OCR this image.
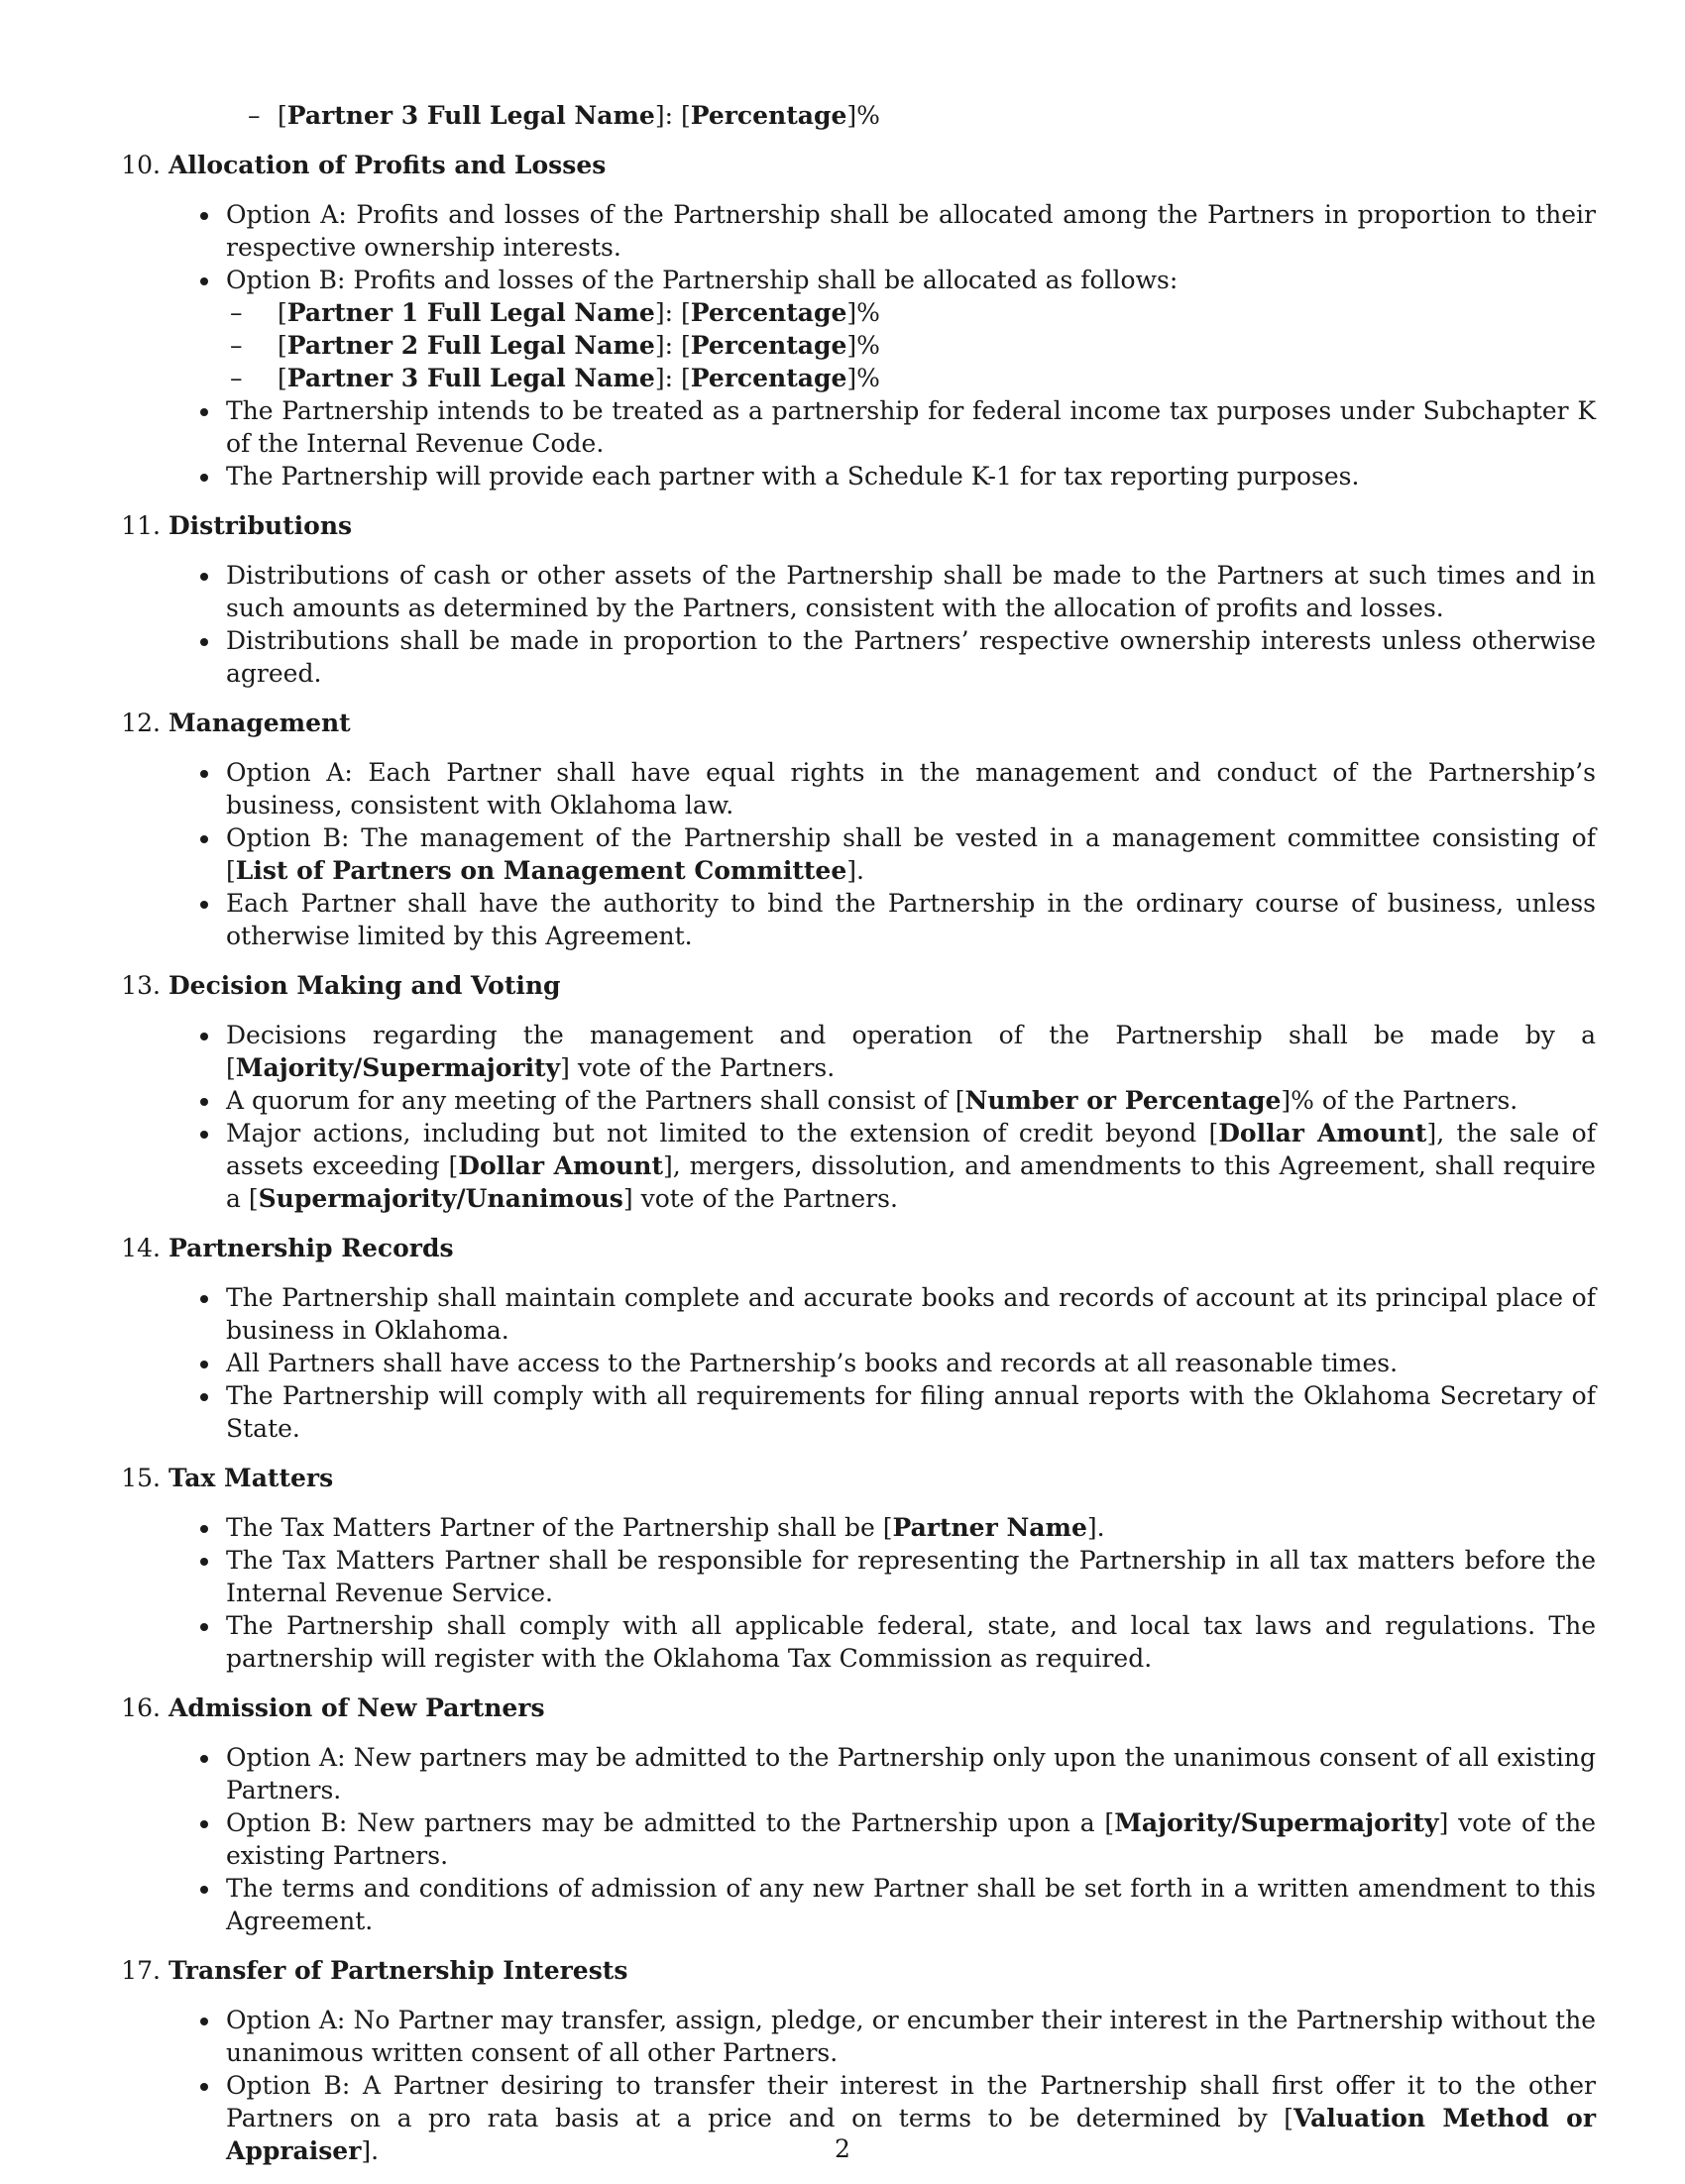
– [Partner 3 Full Legal Name]: [Percentage]%
10. Allocation of Profits and Losses
Option A: Profits and losses of the Partnership shall be allocated among the Partners in proportion to their respective ownership interests.
Option B: Profits and losses of the Partnership shall be allocated as follows:
– [Partner 1 Full Legal Name]: [Percentage]%
– [Partner 2 Full Legal Name]: [Percentage]%
– [Partner 3 Full Legal Name]: [Percentage]%
The Partnership intends to be treated as a partnership for federal income tax purposes under Subchapter K of the Internal Revenue Code.
The Partnership will provide each partner with a Schedule K-1 for tax reporting purposes.
11. Distributions
Distributions of cash or other assets of the Partnership shall be made to the Partners at such times and in such amounts as determined by the Partners, consistent with the allocation of profits and losses.
Distributions shall be made in proportion to the Partners’ respective ownership interests unless otherwise agreed.
12. Management
Option A: Each Partner shall have equal rights in the management and conduct of the Partnership’s business, consistent with Oklahoma law.
Option B: The management of the Partnership shall be vested in a management committee consisting of [List of Partners on Management Committee].
Each Partner shall have the authority to bind the Partnership in the ordinary course of business, unless otherwise limited by this Agreement.
13. Decision Making and Voting
Decisions regarding the management and operation of the Partnership shall be made by a [Majority/Supermajority] vote of the Partners.
A quorum for any meeting of the Partners shall consist of [Number or Percentage]% of the Partners.
Major actions, including but not limited to the extension of credit beyond [Dollar Amount], the sale of assets exceeding [Dollar Amount], mergers, dissolution, and amendments to this Agreement, shall require a [Supermajority/Unanimous] vote of the Partners.
14. Partnership Records
The Partnership shall maintain complete and accurate books and records of account at its principal place of business in Oklahoma.
All Partners shall have access to the Partnership’s books and records at all reasonable times.
The Partnership will comply with all requirements for filing annual reports with the Oklahoma Secretary of State.
15. Tax Matters
The Tax Matters Partner of the Partnership shall be [Partner Name].
The Tax Matters Partner shall be responsible for representing the Partnership in all tax matters before the Internal Revenue Service.
The Partnership shall comply with all applicable federal, state, and local tax laws and regulations. The partnership will register with the Oklahoma Tax Commission as required.
16. Admission of New Partners
Option A: New partners may be admitted to the Partnership only upon the unanimous consent of all existing Partners.
Option B: New partners may be admitted to the Partnership upon a [Majority/Supermajority] vote of the existing Partners.
The terms and conditions of admission of any new Partner shall be set forth in a written amendment to this Agreement.
17. Transfer of Partnership Interests
Option A: No Partner may transfer, assign, pledge, or encumber their interest in the Partnership without the unanimous written consent of all other Partners.
Option B: A Partner desiring to transfer their interest in the Partnership shall first offer it to the other Partners on a pro rata basis at a price and on terms to be determined by [Valuation Method or Appraiser].	2
